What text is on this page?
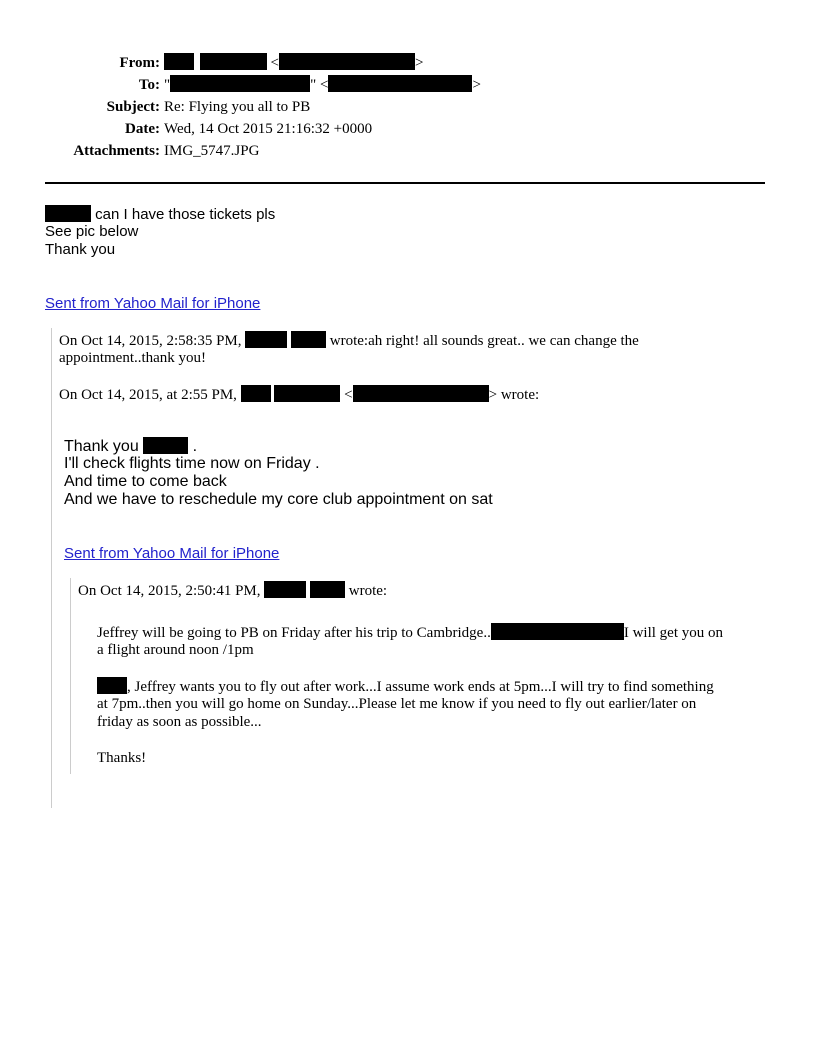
From:	<	>
To: "	" <	>
Subject: Re: Flying you all to PB
Date: Wed, 14 Oct 2015 21:16:32 +0000
Attachments: IMG_5747.JPG
can I have those tickets pls
See pic below
Thank you
Sent from Yahoo Mail for iPhone
On Oct 14, 2015, 2:58:35 PM,	wrote:ah right! all sounds great.. we can change the
appointment..thank you!
On Oct 14, 2015, at 2:55 PM,	<	> wrote:
Thank you	.
I'll check flights time now on Friday .
And time to come back
And we have to reschedule my core club appointment on sat
Sent from Yahoo Mail for iPhone
On Oct 14, 2015, 2:50:41 PM,	wrote:
Jeffrey will be going to PB on Friday after his trip to Cambridge..	I will get you on
a flight around noon /1pm
, Jeffrey wants you to fly out after work...I assume work ends at 5pm...I will try to find something
at 7pm..then you will go home on Sunday...Please let me know if you need to fly out earlier/later on
friday as soon as possible...
Thanks!
